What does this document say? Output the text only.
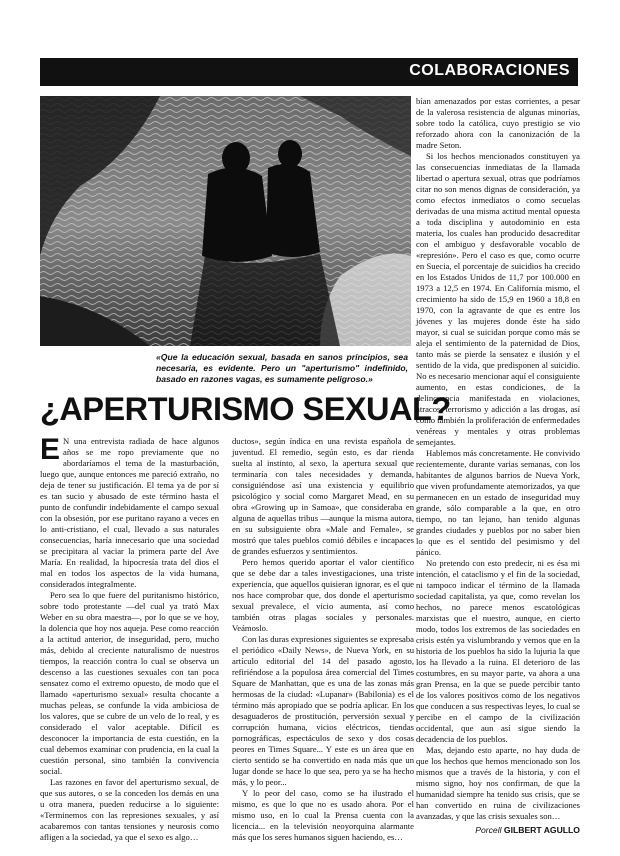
COLABORACIONES
«Que la educación sexual, basada en sanos principios, sea necesaria, es evidente. Pero un "aperturismo" indefinido, basado en razones vagas, es sumamente peligroso.»
¿APERTURISMO SEXUAL?

E N una entrevista radiada de hace algunos años se me ropo previamente que no abordaríamos el tema de la masturbación, luego que, aunque entonces me pareció extraño, no deja de tener su justificación. El tema ya de por sí es tan sucio y abusado de este término hasta el punto de confundir indebidamente el campo sexual con la obsesión, por ese puritano rayano a veces en lo anti-cristiano, el cual, llevado a sus naturales consecuencias, haría innecesario que una sociedad se precipitara al vaciar la primera parte del Ave María. En realidad, la hipocresía trata del dios el mal en todos los aspectos de la vida humana, considerados integralmente.

Pero sea lo que fuere del puritanismo histórico, sobre todo protestante —del cual ya trató Max Weber en su obra maestra—, por lo que se ve hoy, la dolencia que hoy nos aqueja. Pese como reacción a la actitud anterior, de inseguridad, pero, mucho más, debido al creciente naturalismo de nuestros tiempos, la reacción contra lo cual se observa un descenso a las cuestiones sexuales con tan poca sensatez como el extremo opuesto, de modo que el llamado «aperturismo sexual» resulta chocante a muchas peleas, se confunde la vida ambiciosa de los valores, que se cubre de un velo de lo real, y es considerado el valor aceptable. Difícil es desconocer la importancia de esta cuestión, en la cual debemos examinar con prudencia, en la cual la cuestión personal, sino también la convivencia social.

Las razones en favor del aperturismo sexual, de que sus autores, o se la conceden los demás en una u otra manera, pueden reducirse a lo siguiente: «Terminemos con las represiones sexuales, y así acabaremos con tantas tensiones y neurosis como afligen a la sociedad, ya que el sexo es algo…

ductos», según índica en una revista española de juventud. El remedio, según esto, es dar rienda suelta al instinto, al sexo, la apertura sexual que terminaría con tales necesidades y demanda, consiguiéndose así una existencia y equilibrio psicológico y social como Margaret Mead, en su obra «Growing up in Samoa», que consideraba en alguna de aquellas tribus —aunque la misma autora, en su subsiguiente obra «Male and Female», se mostró que tales pueblos comió débiles e incapaces de grandes esfuerzos y sentimientos.

Pero hemos querido aportar el valor científico que se debe dar a tales investigaciones, una triste experiencia, que aquellos quisieran ignorar, es el que nos hace comprobar que, dos donde el aperturismo sexual prevalece, el vicio aumenta, así como también otras plagas sociales y personales. Veámoslo.

Con las duras expresiones siguientes se expresaba el periódico «Daily News», de Nueva York, en su artículo editorial del 14 del pasado agosto, refiriéndose a la populosa área comercial del Times Square de Manhattan, que es una de las zonas más hermosas de la ciudad: «Lupanar» (Babilonia) es el término más apropiado que se podría aplicar. En los desaguaderos de prostitución, perversión sexual y corrupción humana, vicios eléctricos, tiendas pornográficas, espectáculos de sexo y dos cosas peores en Times Square... Y este es un área que en cierto sentido se ha convertido en nada más que un lugar donde se hace lo que sea, pero ya se ha hecho más, y lo peor...

Y lo peor del caso, como se ha ilustrado el mismo, es que lo que no es usado ahora. Por el mismo uso, en lo cual la Prensa cuenta con la licencia... en la televisión neoyorquina alarmante más que los seres humanos siguen haciendo, es…

bían amenazados por estas corrientes, a pesar de la valerosa resistencia de algunas minorías, sobre todo la católica, cuyo prestigio se vio reforzado ahora con la canonización de la madre Seton.

Si los hechos mencionados constituyen ya las consecuencias inmediatas de la llamada libertad o apertura sexual, otras que podríamos citar no son menos dignas de consideración, ya como efectos inmediatos o como secuelas derivadas de una misma actitud mental opuesta a toda disciplina y autodominio en esta materia, los cuales han producido desacreditar con el ambiguo y desfavorable vocablo de «represión». Pero el caso es que, como ocurre en Suecia, el porcentaje de suicidios ha crecido en los Estados Unidos de 11,7 por 100.000 en 1973 a 12,5 en 1974. En California mismo, el crecimiento ha sido de 15,9 en 1960 a 18,8 en 1970, con la agravante de que es entre los jóvenes y las mujeres donde éste ha sido mayor, si cual se suicidan porque como más se aleja el sentimiento de la paternidad de Dios, tanto más se pierde la sensatez e ilusión y el sentido de la vida, que predisponen al suicidio. No es necesario mencionar aquí el consiguiente aumento, en estas condiciones, de la delincuencia manifestada en violaciones, atracos, terrorismo y adicción a las drogas, así como también la proliferación de enfermedades venéreas y mentales y otras problemas semejantes.

Hablemos más concretamente. He convivido recientemente, durante varias semanas, con los habitantes de algunos barrios de Nueva York, que viven profundamente atemorizados, ya que permanecen en un estado de inseguridad muy grande, sólo comparable a la que, en otro tiempo, no tan lejano, han tenido algunas grandes ciudades y pueblos por no saber bien lo que es el sentido del pesimismo y del pánico.

No pretendo con esto predecir, ni es ésa mi intención, el cataclismo y el fin de la sociedad, ni tampoco indicar el término de la llamada sociedad capitalista, ya que, como revelan los hechos, no parece menos escatológicas marxistas que el nuestro, aunque, en cierto modo, todos los extremos de las sociedades en crisis estén ya vislumbrando y vemos que en la historia de los pueblos ha sido la lujuria la que los ha llevado a la ruina. El deterioro de las costumbres, en su mayor parte, va ahora a una gran Prensa, en la que se puede percibir tanto de los valores positivos como de los negativos que conducen a sus respectivas leyes, lo cual se percibe en el campo de la civilización occidental, que aun así sigue siendo la decadencia de los pueblos.

Mas, dejando esto aparte, no hay duda de que los hechos que hemos mencionado son los mismos que a través de la historia, y con el mismo signo, hoy nos confirman, de que la humanidad siempre ha tenido sus crisis, que se han convertido en ruina de civilizaciones avanzadas, y que las crisis sexuales son…

Porcell GILBERT AGULLO
